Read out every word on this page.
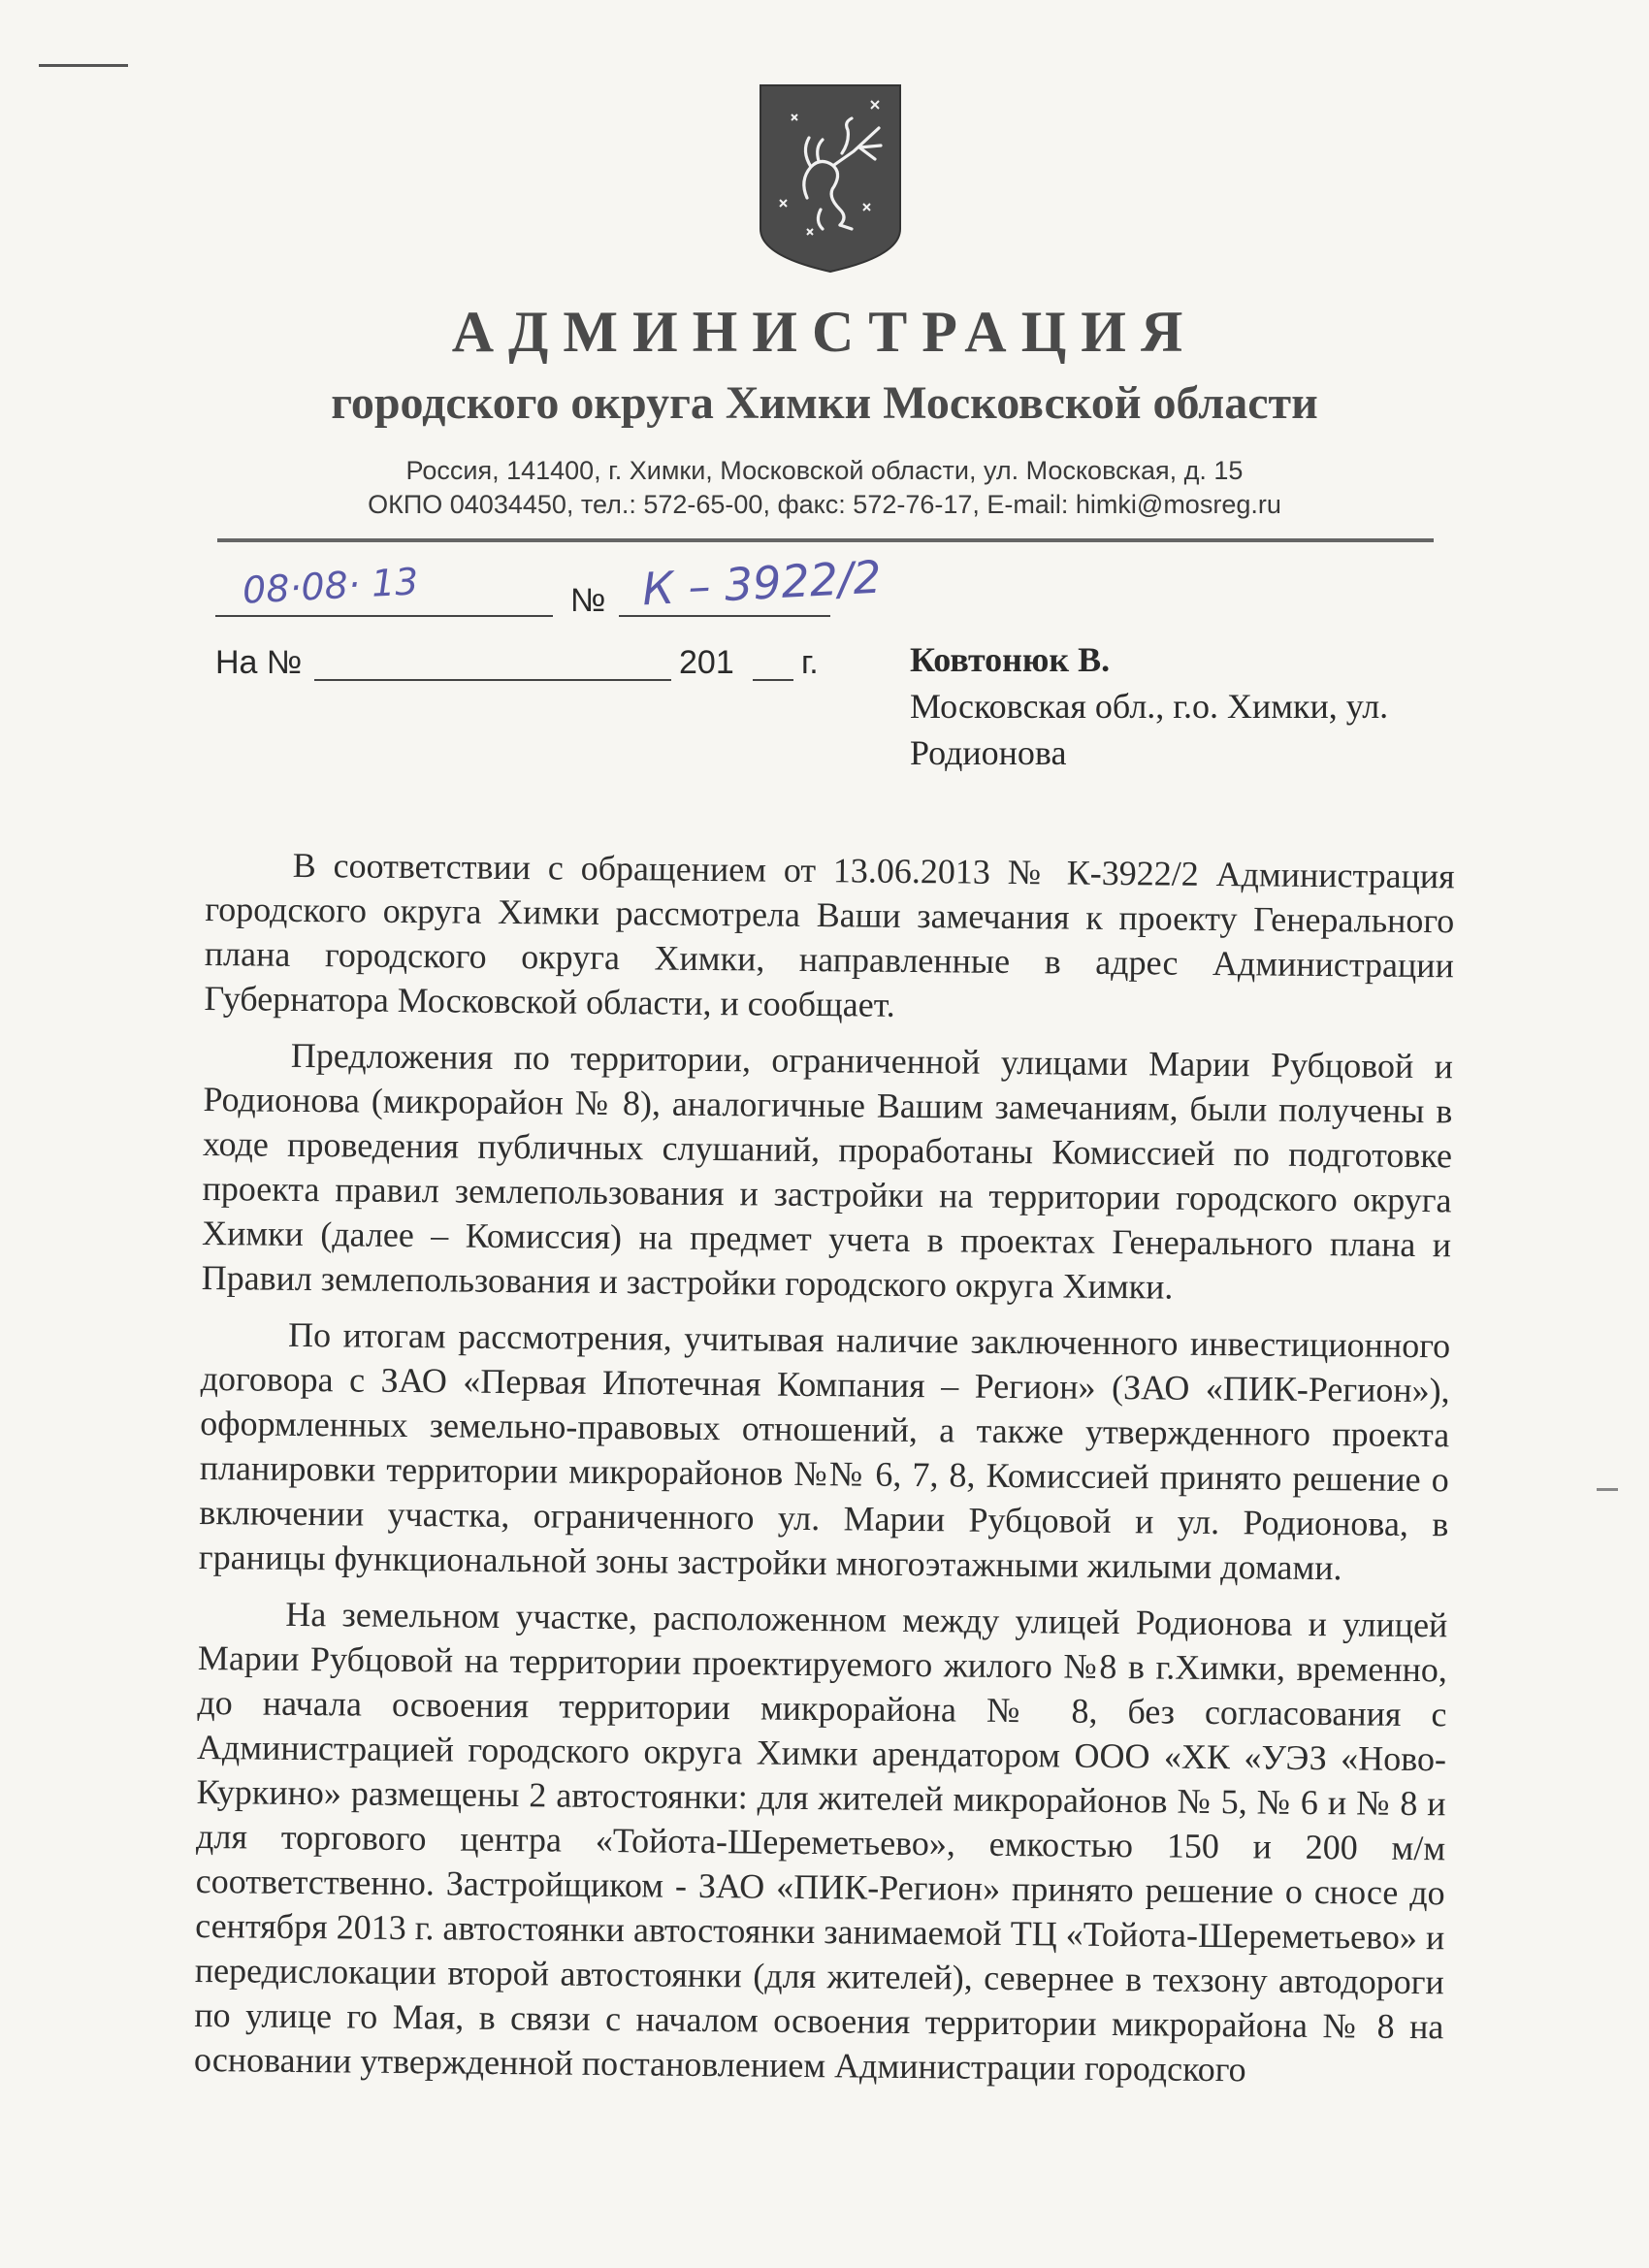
АДМИНИСТРАЦИЯ
городского округа Химки Московской области
Россия, 141400, г. Химки, Московской области, ул. Московская, д. 15
ОКПО 04034450, тел.: 572-65-00, факс: 572-76-17, E-mail: himki@mosreg.ru
08·08· 13	№ К – 3922/2
На №	201 г.	Ковтонюк В.
Московская обл., г.о. Химки, ул.
Родионова

В соответствии с обращением от 13.06.2013 № К-3922/2 Администрация городского округа Химки рассмотрела Ваши замечания к проекту Генерального плана городского округа Химки, направленные в адрес Администрации Губернатора Московской области, и сообщает.

Предложения по территории, ограниченной улицами Марии Рубцовой и Родионова (микрорайон № 8), аналогичные Вашим замечаниям, были получены в ходе проведения публичных слушаний, проработаны Комиссией по подготовке проекта правил землепользования и застройки на территории городского округа Химки (далее – Комиссия) на предмет учета в проектах Генерального плана и Правил землепользования и застройки городского округа Химки.

По итогам рассмотрения, учитывая наличие заключенного инвестиционного договора с ЗАО «Первая Ипотечная Компания – Регион» (ЗАО «ПИК-Регион»), оформленных земельно-правовых отношений, а также утвержденного проекта планировки территории микрорайонов №№ 6, 7, 8, Комиссией принято решение о включении участка, ограниченного ул. Марии Рубцовой и ул. Родионова, в границы функциональной зоны застройки многоэтажными жилыми домами.

На земельном участке, расположенном между улицей Родионова и улицей Марии Рубцовой на территории проектируемого жилого №8 в г.Химки, временно, до начала освоения территории микрорайона № 8, без согласования с Администрацией городского округа Химки арендатором ООО «ХК «УЭЗ «Ново-Куркино» размещены 2 автостоянки: для жителей микрорайонов № 5, № 6 и № 8 и для торгового центра «Тойота-Шереметьево», емкостью 150 и 200 м/м соответственно. Застройщиком - ЗАО «ПИК-Регион» принято решение о сносе до сентября 2013 г. автостоянки автостоянки занимаемой ТЦ «Тойота-Шереметьево» и передислокации второй автостоянки (для жителей), севернее в техзону автодороги по улице го Мая, в связи с началом освоения территории микрорайона № 8 на основании утвержденной постановлением Администрации городского
